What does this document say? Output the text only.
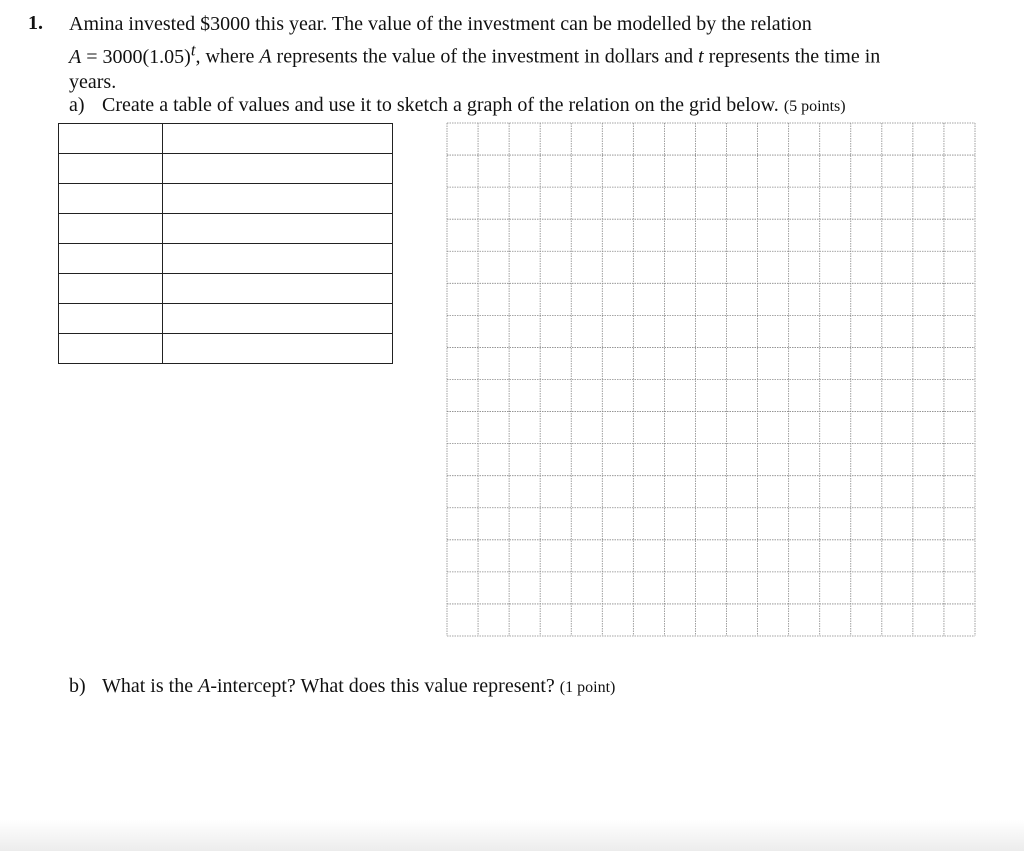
1. Amina invested $3000 this year. The value of the investment can be modelled by the relation
$A = 3000(1.05)^t$, where A represents the value of the investment in dollars and t represents the time in
years.
a) Create a table of values and use it to sketch a graph of the relation on the grid below. (5 points)

b) What is the A-intercept? What does this value represent? (1 point)
